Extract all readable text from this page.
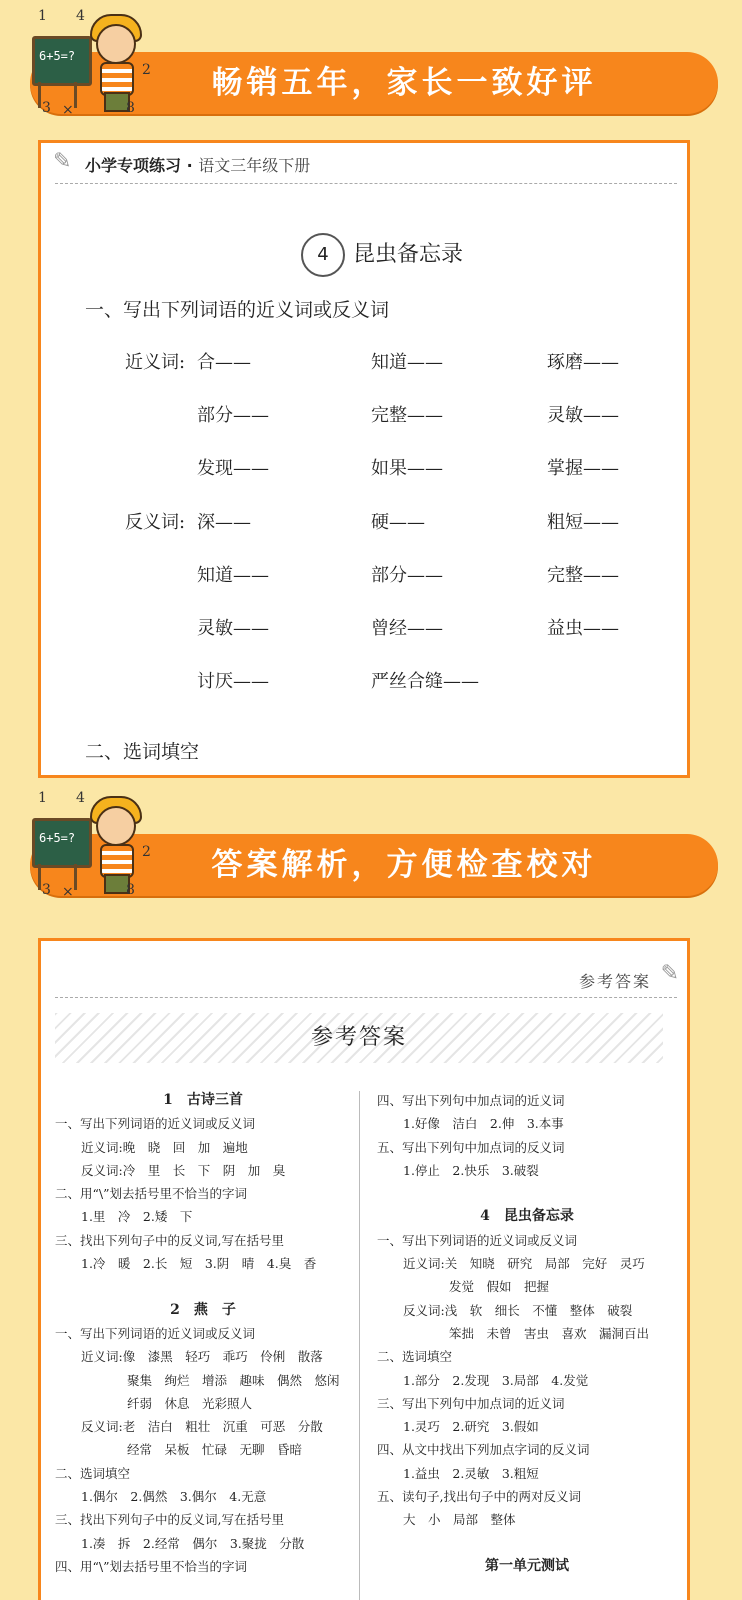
畅销五年，家长一致好评
6+5=?
1 4
2
3 ×	8
✎ 小学专项练习 · 语文三年级下册
4 昆虫备忘录
一、写出下列词语的近义词或反义词
近义词:
反义词:
合——	知道——	琢磨——
部分——	完整——	灵敏——
发现——	如果——	掌握——
深——	硬——	粗短——
知道——	部分——	完整——
灵敏——	曾经——	益虫——
讨厌——	严丝合缝——
二、选词填空
答案解析，方便检查校对
6+5=?
1 4
2
3 ×	8
参考答案 ✎
参考答案
1　古诗三首
一、写出下列词语的近义词或反义词
近义词:晚　晓　回　加　遍地
反义词:冷　里　长　下　阴　加　臭
二、用“\”划去括号里不恰当的字词
1.里　冷　2.矮　下
三、找出下列句子中的反义词,写在括号里
1.冷　暖　2.长　短　3.阴　晴　4.臭　香
2　燕　子
一、写出下列词语的近义词或反义词
近义词:像　漆黑　轻巧　乖巧　伶俐　散落
聚集　绚烂　增添　趣味　偶然　悠闲
纤弱　休息　光彩照人
反义词:老　洁白　粗壮　沉重　可恶　分散
经常　呆板　忙碌　无聊　昏暗
二、选词填空
1.偶尔　2.偶然　3.偶尔　4.无意
三、找出下列句子中的反义词,写在括号里
1.凑　拆　2.经常　偶尔　3.聚拢　分散
四、用“\”划去括号里不恰当的字词
四、写出下列句中加点词的近义词
1.好像　洁白　2.伸　3.本事
五、写出下列句中加点词的反义词
1.停止　2.快乐　3.破裂
4　昆虫备忘录
一、写出下列词语的近义词或反义词
近义词:关　知晓　研究　局部　完好　灵巧
发觉　假如　把握
反义词:浅　软　细长　不懂　整体　破裂
笨拙　未曾　害虫　喜欢　漏洞百出
二、选词填空
1.部分　2.发现　3.局部　4.发觉
三、写出下列句中加点词的近义词
1.灵巧　2.研究　3.假如
四、从文中找出下列加点字词的反义词
1.益虫　2.灵敏　3.粗短
五、读句子,找出句子中的两对反义词
大　小　局部　整体
第一单元测试
